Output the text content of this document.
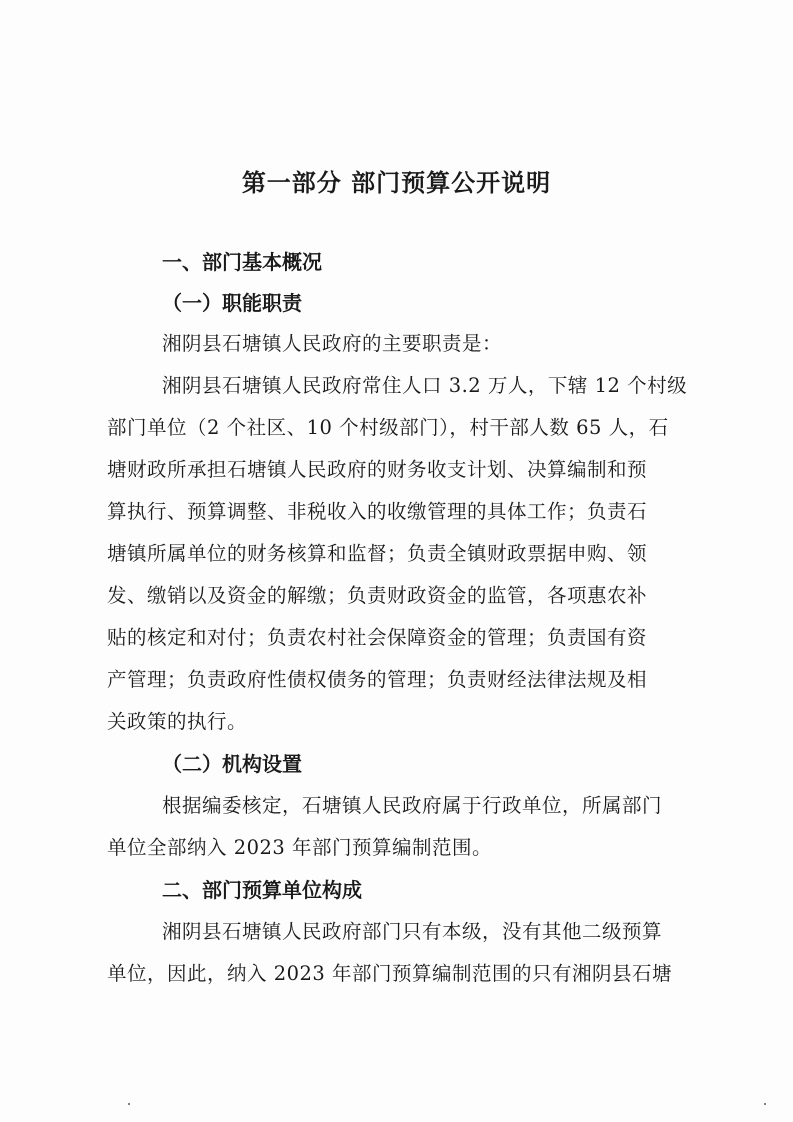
第一部分 部门预算公开说明
一、部门基本概况
（一）职能职责
湘阴县石塘镇人民政府的主要职责是：
湘阴县石塘镇人民政府常住人口 3.2 万人，下辖 12 个村级
部门单位（2 个社区、10 个村级部门），村干部人数 65 人，石
塘财政所承担石塘镇人民政府的财务收支计划、决算编制和预
算执行、预算调整、非税收入的收缴管理的具体工作；负责石
塘镇所属单位的财务核算和监督；负责全镇财政票据申购、领
发、缴销以及资金的解缴；负责财政资金的监管，各项惠农补
贴的核定和对付；负责农村社会保障资金的管理；负责国有资
产管理；负责政府性债权债务的管理；负责财经法律法规及相
关政策的执行。
（二）机构设置
根据编委核定，石塘镇人民政府属于行政单位，所属部门
单位全部纳入 2023 年部门预算编制范围。
二、部门预算单位构成
湘阴县石塘镇人民政府部门只有本级，没有其他二级预算
单位，因此，纳入 2023 年部门预算编制范围的只有湘阴县石塘
